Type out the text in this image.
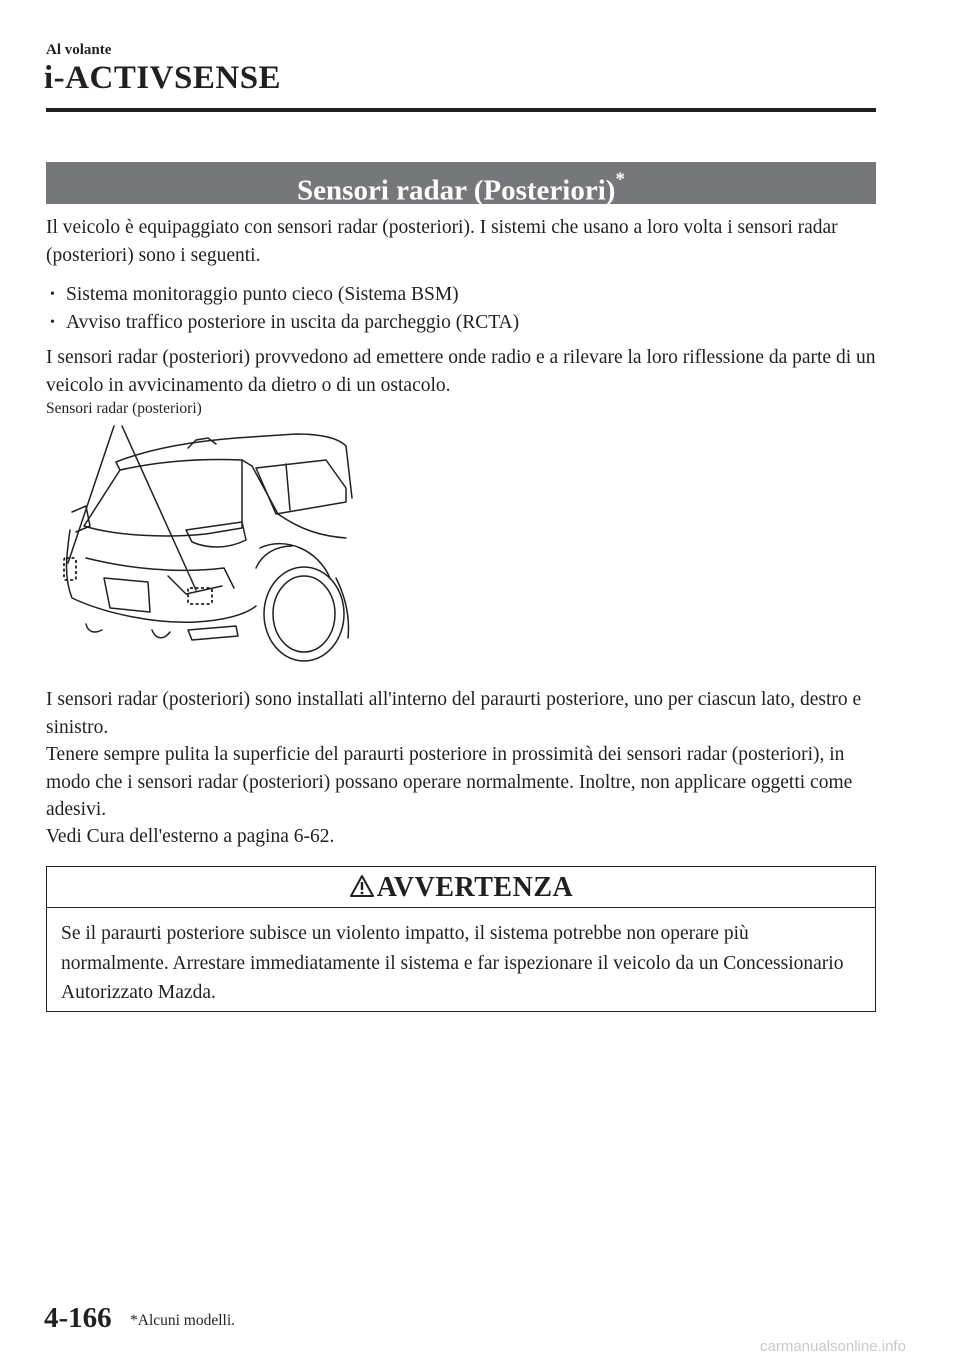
Al volante
i-ACTIVSENSE
Sensori radar (Posteriori)*

Il veicolo è equipaggiato con sensori radar (posteriori). I sistemi che usano a loro volta i sensori radar (posteriori) sono i seguenti.

• Sistema monitoraggio punto cieco (Sistema BSM)
• Avviso traffico posteriore in uscita da parcheggio (RCTA)

I sensori radar (posteriori) provvedono ad emettere onde radio e a rilevare la loro riflessione da parte di un veicolo in avvicinamento da dietro o di un ostacolo.

Sensori radar (posteriori)

I sensori radar (posteriori) sono installati all'interno del paraurti posteriore, uno per ciascun lato, destro e sinistro.

Tenere sempre pulita la superficie del paraurti posteriore in prossimità dei sensori radar (posteriori), in modo che i sensori radar (posteriori) possano operare normalmente. Inoltre, non applicare oggetti come adesivi.

Vedi Cura dell'esterno a pagina 6-62.

AVVERTENZA
Se il paraurti posteriore subisce un violento impatto, il sistema potrebbe non operare più normalmente. Arrestare immediatamente il sistema e far ispezionare il veicolo da un Concessionario Autorizzato Mazda.
4-166 *Alcuni modelli.
carmanualsonline.info
